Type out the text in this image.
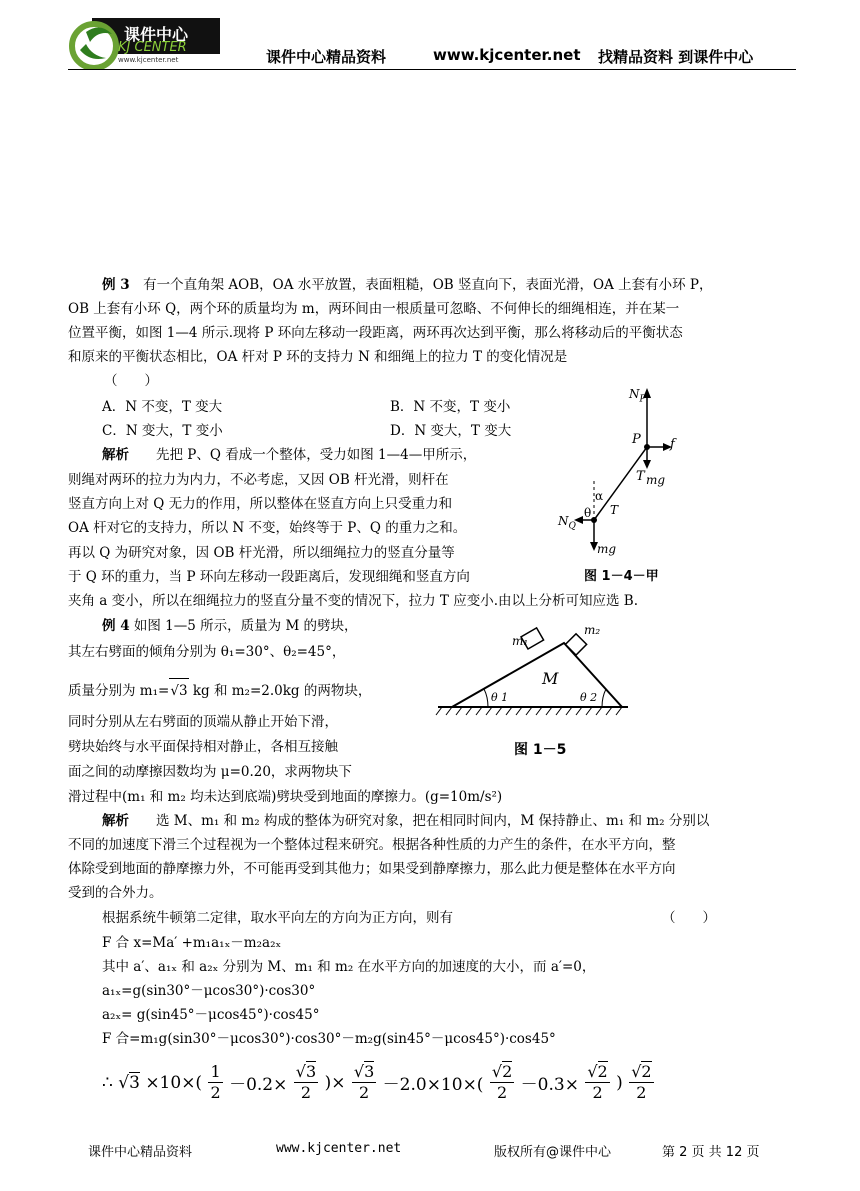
课件中心
KJ CENTER
www.kjcenter.net	课件中心精品资料	www.kjcenter.net 找精品资料 到课件中心
例 3　 有一个直角架 AOB，OA 水平放置，表面粗糙，OB 竖直向下，表面光滑，OA 上套有小环 P，
OB 上套有小环 Q，两个环的质量均为 m，两环间由一根质量可忽略、不何伸长的细绳相连，并在某一
位置平衡，如图 1—4 所示.现将 P 环向左移动一段距离，两环再次达到平衡，那么将移动后的平衡状态
和原来的平衡状态相比，OA 杆对 P 环的支持力 N 和细绳上的拉力 T 的变化情况是
（　　）
A．N 不变，T 变大	B．N 不变，T 变小
C．N 变大，T 变小	D．N 变大，T 变大
解析　　 先把 P、Q 看成一个整体，受力如图 1—4—甲所示，
则绳对两环的拉力为内力，不必考虑，又因 OB 杆光滑，则杆在
竖直方向上对 Q 无力的作用，所以整体在竖直方向上只受重力和
OA 杆对它的支持力，所以 N 不变，始终等于 P、Q 的重力之和。
再以 Q 为研究对象，因 OB 杆光滑，所以细绳拉力的竖直分量等
于 Q 环的重力，当 P 环向左移动一段距离后，发现细绳和竖直方向
夹角 a 变小，所以在细绳拉力的竖直分量不变的情况下，拉力 T 应变小.由以上分析可知应选 B.
$N_P$
P f
T mg
α
θ T
$N_Q$
mg
图 1－4－甲
例 4 如图 1—5 所示，质量为 M 的劈块，
其左右劈面的倾角分别为 θ₁=30°、θ₂=45°，
质量分别为 m₁=√3 kg 和 m₂=2.0kg 的两物块，
同时分别从左右劈面的顶端从静止开始下滑，
劈块始终与水平面保持相对静止，各相互接触
面之间的动摩擦因数均为 μ=0.20，求两物块下
滑过程中(m₁ 和 m₂ 均未达到底端)劈块受到地面的摩擦力。(g=10m/s²)
m₁
m₂
M
θ 1	θ 2
图 1－5
解析　　 选 M、m₁ 和 m₂ 构成的整体为研究对象，把在相同时间内，M 保持静止、m₁ 和 m₂ 分别以
不同的加速度下滑三个过程视为一个整体过程来研究。根据各种性质的力产生的条件，在水平方向，整
体除受到地面的静摩擦力外，不可能再受到其他力；如果受到静摩擦力，那么此力便是整体在水平方向
受到的合外力。
根据系统牛顿第二定律，取水平向左的方向为正方向，则有	（　　）
F 合 x=Ma′ +m₁a₁ₓ－m₂a₂ₓ
其中 a′、a₁ₓ 和 a₂ₓ 分别为 M、m₁ 和 m₂ 在水平方向的加速度的大小，而 a′=0，
a₁ₓ=g(sin30°－μcos30°)·cos30°
a₂ₓ= g(sin45°－μcos45°)·cos45°
F 合=m₁g(sin30°－μcos30°)·cos30°－m₂g(sin45°－μcos45°)·cos45°
∴ $√3 \times 10\times( \frac{1}{2} -0.2\times \frac{√3}{2}$ )× $\frac{√3}{2} -2.0\times 10\times( \frac{√2}{2} -0.3\times \frac{√2}{2}$ ) $\frac{√2}{2}$
课件中心精品资料	www.kjcenter.net	版权所有@课件中心	第 2 页 共 12 页
